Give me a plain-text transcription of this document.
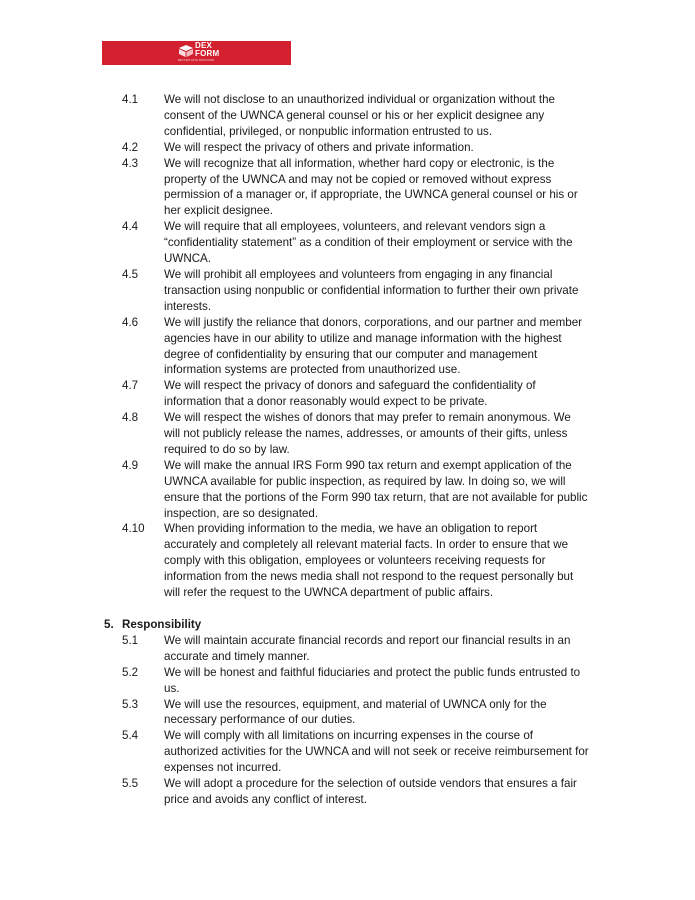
DEX
FORM
BETTER WITH DEXFORM
4.1 We will not disclose to an unauthorized individual or organization without the consent of the UWNCA general counsel or his or her explicit designee any confidential, privileged, or nonpublic information entrusted to us.
4.2 We will respect the privacy of others and private information.
4.3 We will recognize that all information, whether hard copy or electronic, is the property of the UWNCA and may not be copied or removed without express permission of a manager or, if appropriate, the UWNCA general counsel or his or her explicit designee.
4.4 We will require that all employees, volunteers, and relevant vendors sign a “confidentiality statement” as a condition of their employment or service with the UWNCA.
4.5 We will prohibit all employees and volunteers from engaging in any financial transaction using nonpublic or confidential information to further their own private interests.
4.6 We will justify the reliance that donors, corporations, and our partner and member agencies have in our ability to utilize and manage information with the highest degree of confidentiality by ensuring that our computer and management information systems are protected from unauthorized use.
4.7 We will respect the privacy of donors and safeguard the confidentiality of information that a donor reasonably would expect to be private.
4.8 We will respect the wishes of donors that may prefer to remain anonymous. We will not publicly release the names, addresses, or amounts of their gifts, unless required to do so by law.
4.9 We will make the annual IRS Form 990 tax return and exempt application of the UWNCA available for public inspection, as required by law. In doing so, we will ensure that the portions of the Form 990 tax return, that are not available for public inspection, are so designated.
4.10 When providing information to the media, we have an obligation to report accurately and completely all relevant material facts. In order to ensure that we comply with this obligation, employees or volunteers receiving requests for information from the news media shall not respond to the request personally but will refer the request to the UWNCA department of public affairs.
5. Responsibility
5.1 We will maintain accurate financial records and report our financial results in an accurate and timely manner.
5.2 We will be honest and faithful fiduciaries and protect the public funds entrusted to us.
5.3 We will use the resources, equipment, and material of UWNCA only for the necessary performance of our duties.
5.4 We will comply with all limitations on incurring expenses in the course of authorized activities for the UWNCA and will not seek or receive reimbursement for expenses not incurred.
5.5 We will adopt a procedure for the selection of outside vendors that ensures a fair price and avoids any conflict of interest.
